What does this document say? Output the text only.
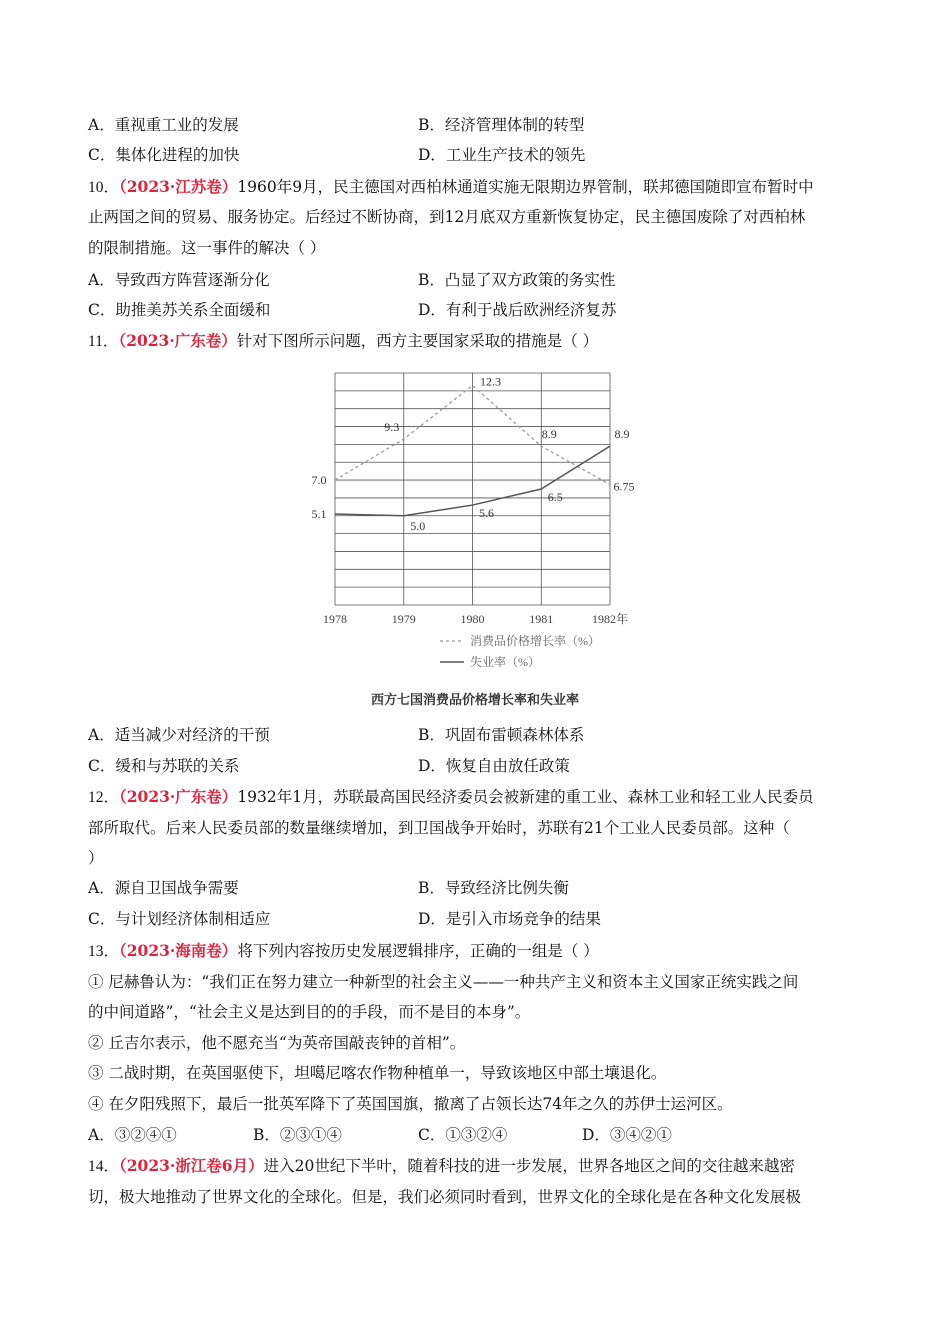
A．重视重工业的发展	B．经济管理体制的转型
C．集体化进程的加快	D．工业生产技术的领先
10．（2023·江苏卷）1960年9月，民主德国对西柏林通道实施无限期边界管制，联邦德国随即宣布暂时中
止两国之间的贸易、服务协定。后经过不断协商，到12月底双方重新恢复协定，民主德国废除了对西柏林
的限制措施。这一事件的解决（ ）
A．导致西方阵营逐渐分化	B．凸显了双方政策的务实性
C．助推美苏关系全面缓和	D．有利于战后欧洲经济复苏
11．（2023·广东卷）针对下图所示问题，西方主要国家采取的措施是（ ）
1978	1979	1980	1981	1982年
7.0
9.3
12.3
8.9
6.75
5.1
5.0
5.6
6.5
8.9
消费品价格增长率（%）
失业率（%）
西方七国消费品价格增长率和失业率
A．适当减少对经济的干预	B．巩固布雷顿森林体系
C．缓和与苏联的关系	D．恢复自由放任政策
12．（2023·广东卷）1932年1月，苏联最高国民经济委员会被新建的重工业、森林工业和轻工业人民委员
部所取代。后来人民委员部的数量继续增加，到卫国战争开始时，苏联有21个工业人民委员部。这种（
）
A．源自卫国战争需要	B．导致经济比例失衡
C．与计划经济体制相适应	D．是引入市场竞争的结果
13．（2023·海南卷）将下列内容按历史发展逻辑排序，正确的一组是（ ）
① 尼赫鲁认为：“我们正在努力建立一种新型的社会主义——一种共产主义和资本主义国家正统实践之间
的中间道路”，“社会主义是达到目的的手段，而不是目的本身”。
② 丘吉尔表示，他不愿充当“为英帝国敲丧钟的首相”。
③ 二战时期，在英国驱使下，坦噶尼喀农作物种植单一，导致该地区中部土壤退化。
④ 在夕阳残照下，最后一批英军降下了英国国旗，撤离了占领长达74年之久的苏伊士运河区。
A．③②④①	B．②③①④	C．①③②④	D．③④②①
14．（2023·浙江卷6月）进入20世纪下半叶，随着科技的进一步发展，世界各地区之间的交往越来越密
切，极大地推动了世界文化的全球化。但是，我们必须同时看到，世界文化的全球化是在各种文化发展极
